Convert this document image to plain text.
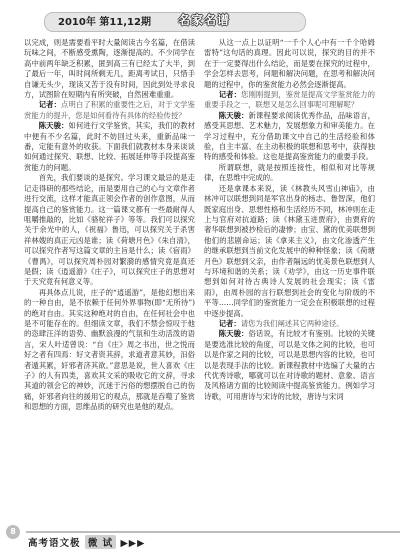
2010年 第11,12期 名家名谱

以完成，则是需要看平时大量阅读古今名篇，在借读玩味之间，不断感受熏陶，逐渐提高的。不少同学在高中前两年缺乏积累，匿到高三有已经太了大半，到了最后一年，叫时间所剩无几，距离考试日，只惜手自谦无头少，现读又苦于没有时间，因此到处寻求良方，试图阶在短期内有所突破，自然困难重重。

记者：点明白了积累的重要性之后，对于文学鉴赏能力的提升，您是如何看待有具体的经验传授？

陈天骏：如何进行文学鉴赏，其实，我们的教材中便有不少名篇，此时不妨回过头来，重新品味一番，定能有意外的收获。下面我们就教材本身来谈谈如何通过探究、联想、比较、拓展延伸等手段提高鉴赏能力的问题。

首先，我们要谈的是探究。学习课文最忌的是走记走得研的那些结论，而是要用自己的心与文章作者进行交流，这样才能真正领会作者的创作意图，从而提高自己的鉴赏能力。这一篇课文都有一些最耐得人咀嚼推敲的，比如《骆驼祥子》等等。我们可以探究关于余光中的人，《祝福》鲁迅，可以探究关于杀害祥林嫂的真正元凶是谁；读《荷塘月色》《朱自清》，可以探究作者写这篇文章的主旨是什么；读《宿雨》《曹禺》，可以探究周朴园对繁漪的感情究竟是真还是假；读《逍遥游》《庄子》，可以探究庄子的思想对于天究竟有何意义等。

再具体点儿说，庄子的“逍遥游”，是他幻想出来的一种自由，是不依赖于任何外界事物(即“无所待”)的绝对自由。其实这种绝对的自由，在任何社会中也是不可能存在的。但细读文章，我们不禁会惊叹于他的恣肆汪洋的语势、幽默浪漫的气氛和生动活泼的语言，宋人叶适曾说：“自《庄》周之书出，世之悦而好之者有四焉：好文者资其辞，求道者意其妙，汩俗者遁其累，奸邪者济其欲。”意思是说，世人喜欢《庄子》的人有四类，喜欢其文采的吸收它的文辞，寻求其道的领会它的神妙，沉迷于污俗的想摆脱自己的伤痛，奸邪者向往的援用它的观点，那就是吞噬了鉴赏和思想的方面，思维品质的研究也是他的观点。

从这一点上以证明“一千个人心中有一千个哈姆雷特”这句话的真理。因此可以说，探究的目的并不在于一定要得出什么结论，而是要在探究的过程中，学会怎样去思考，问题和解决问题，在思考和解决问题的过程中，你的鉴赏能力必然会逐渐提高。

记者：您刚刚提到，鉴赏是提高文学鉴赏能力的重要手段之一，联想又是怎么回事呢可理解呢？

陈天骏：新课程要求阅读优秀作品，品味语言，感受其思想、艺术魅力，发展想象力和审美能力。在学习过程中，充分借助课文中自己的生活经验和体验，自主丰富、在主动积极的联想和思考中，获得独特的感受和体验。这也是提高鉴赏能力的重要手段。

所谓联想，就是按照连接性，相似和对比等规律，在思维中完成的。

还是拿课本来说，读《林教头风雪山神庙》，由林冲可以联想到同是军官出身的杨志、鲁智深，他们既家庭出身、思想性格和生活经历不同，林冲则在走上与官府对抗道路；读《林黛玉进贾府》，由贾府的奢华联想到被抄检后的凄惨；由宝、黛的优美联想到他们的悲剧命运；读《拿来主义》，由文化渗透产生的继承联想到当前文化发展中的种种怪象；读《荷塘月色》联想到父亲，由作者隔远的忧美景色联想到人与环境和谐的关系；读《劝学》，由这一历史事件联想到如何对待古典诗人发展的社会现实；读《雷雨》，由周朴园的言行联想到社会的变化与阶级的不平等……同学们的鉴赏能力一定会在积极联想的过程中逐步提高。

记者：请您为我们阐述其它两种途径。

陈天骏：俗话说，有比较才有鉴别。比较的关键是要选准比较的角度，可以是文体之间的比较，也可以是作家之间的比较，可以是思想内容的比较，也可以是表现手法的比较。新课程教材中选编了大量的古代优秀诗歌，哪就可以在对诗歌的题材、意象、语言及风格诸方面的比较阅读中提高鉴赏能力。例如学习诗歌，可用唐诗与宋诗的比较，唐诗与宋词

8
高考语文极 微 试 ▶▶▶
